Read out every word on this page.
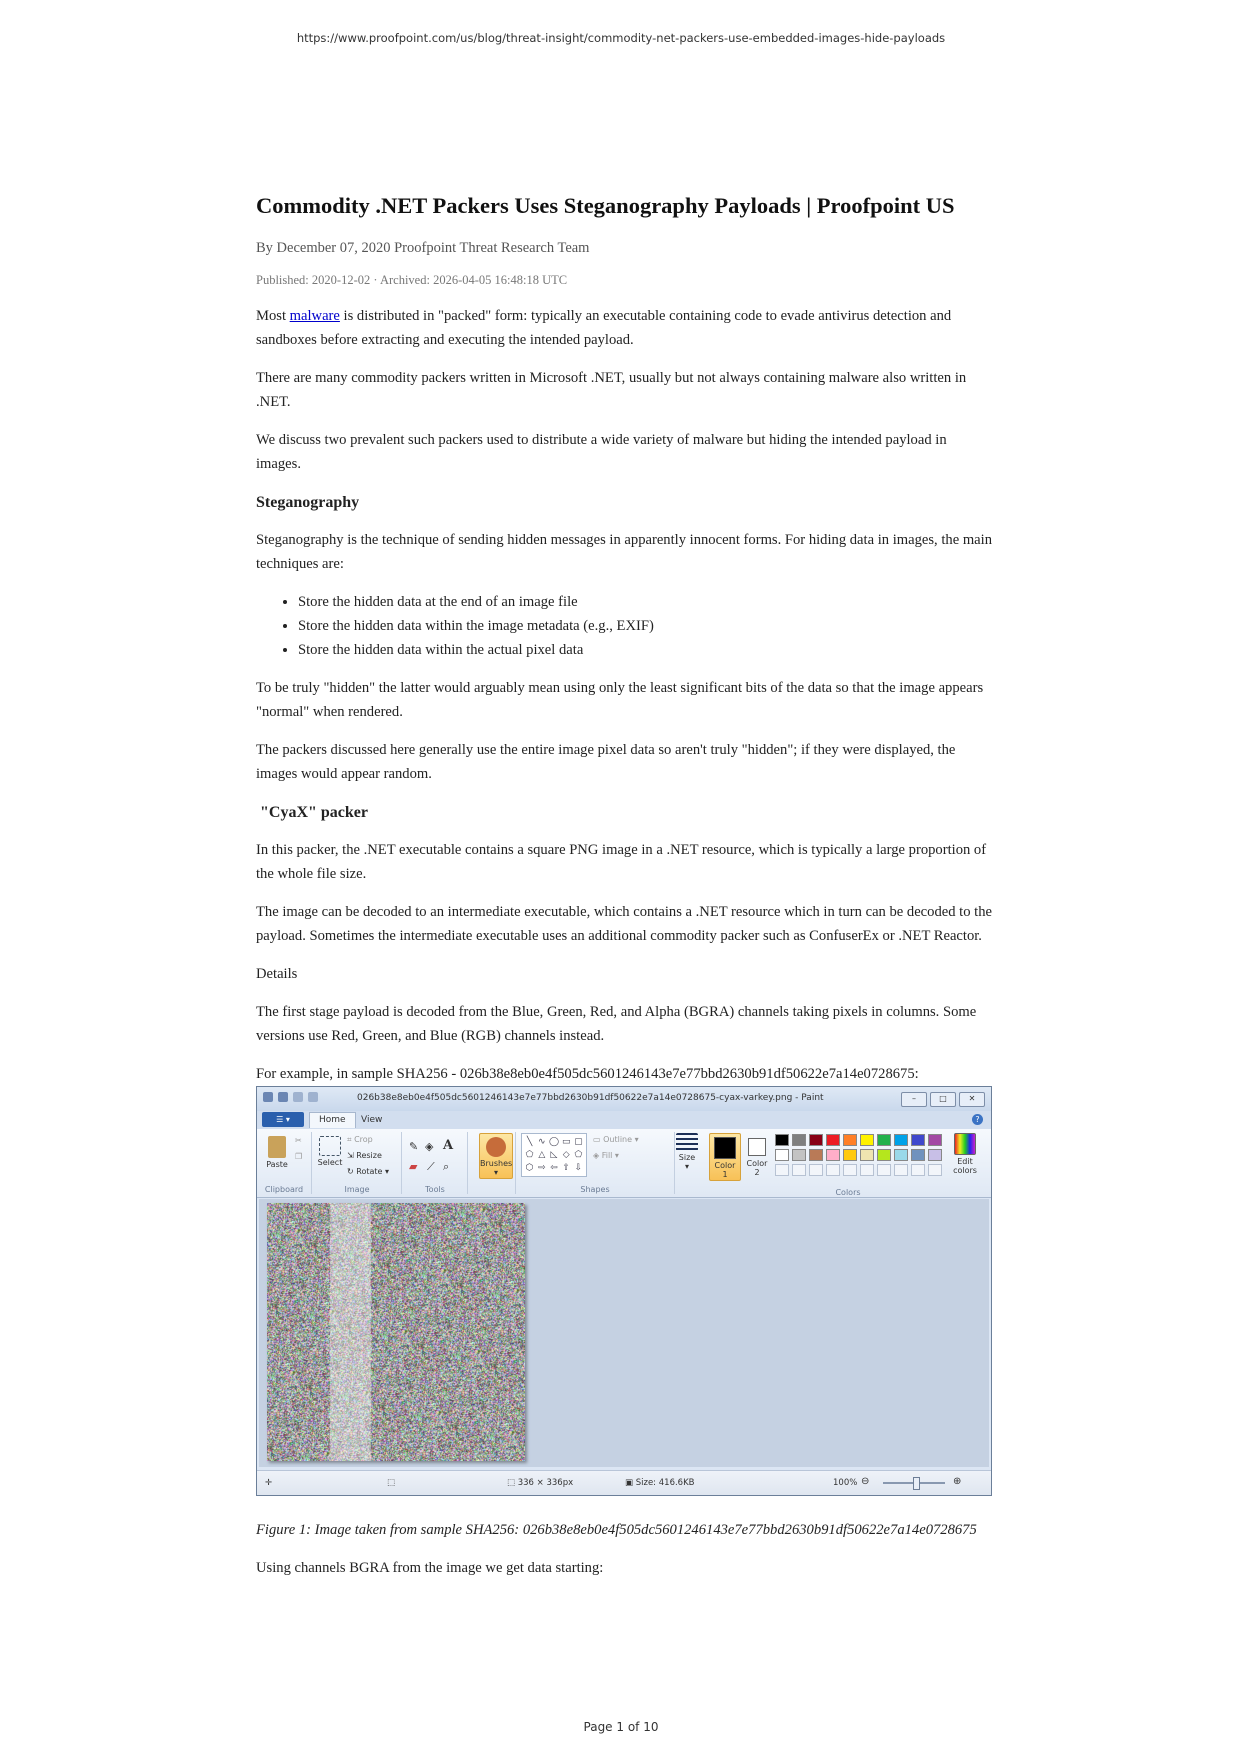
https://www.proofpoint.com/us/blog/threat-insight/commodity-net-packers-use-embedded-images-hide-payloads
Commodity .NET Packers Uses Steganography Payloads | Proofpoint US
By December 07, 2020 Proofpoint Threat Research Team
Published: 2020-12-02 · Archived: 2026-04-05 16:48:18 UTC

Most malware is distributed in "packed" form: typically an executable containing code to evade antivirus detection and sandboxes before extracting and executing the intended payload.

There are many commodity packers written in Microsoft .NET, usually but not always containing malware also written in .NET.

We discuss two prevalent such packers used to distribute a wide variety of malware but hiding the intended payload in images.

Steganography

Steganography is the technique of sending hidden messages in apparently innocent forms. For hiding data in images, the main techniques are:

• Store the hidden data at the end of an image file
• Store the hidden data within the image metadata (e.g., EXIF)
• Store the hidden data within the actual pixel data

To be truly "hidden" the latter would arguably mean using only the least significant bits of the data so that the image appears "normal" when rendered.

The packers discussed here generally use the entire image pixel data so aren't truly "hidden"; if they were displayed, the images would appear random.

"CyaX" packer

In this packer, the .NET executable contains a square PNG image in a .NET resource, which is typically a large proportion of the whole file size.

The image can be decoded to an intermediate executable, which contains a .NET resource which in turn can be decoded to the payload. Sometimes the intermediate executable uses an additional commodity packer such as ConfuserEx or .NET Reactor.

Details

The first stage payload is decoded from the Blue, Green, Red, and Alpha (BGRA) channels taking pixels in columns. Some versions use Red, Green, and Blue (RGB) channels instead.

For example, in sample SHA256 - 026b38e8eb0e4f505dc5601246143e7e77bbd2630b91df50622e7a14e0728675:

026b38e8eb0e4f505dc5601246143e7e77bbd2630b91df50622e7a14e0728675-cyax-varkey.png - Paint	–	□	✕
☰ ▾	Home	View	?
Paste
✂
❐
Clipboard
Select
⌗ Crop
⇲ Resize
↻ Rotate ▾
Image
✎ ◈ A
▰ ⟋ ⌕
Tools
Brushes
▾
Shapes
╲ ∿ ◯ ▭ ▢
⬠ △ ◺ ◇ ⬠
⬡ ⇨ ⇦ ⇧ ⇩
▭ Outline ▾
◈ Fill ▾	Size
▾	Color
1
Color
2
Edit
colors
Colors
✛	⬚	⬚ 336 × 336px	▣ Size: 416.6KB	100% ⊖	⊕

Figure 1: Image taken from sample SHA256: 026b38e8eb0e4f505dc5601246143e7e77bbd2630b91df50622e7a14e0728675

Using channels BGRA from the image we get data starting:

Page 1 of 10
